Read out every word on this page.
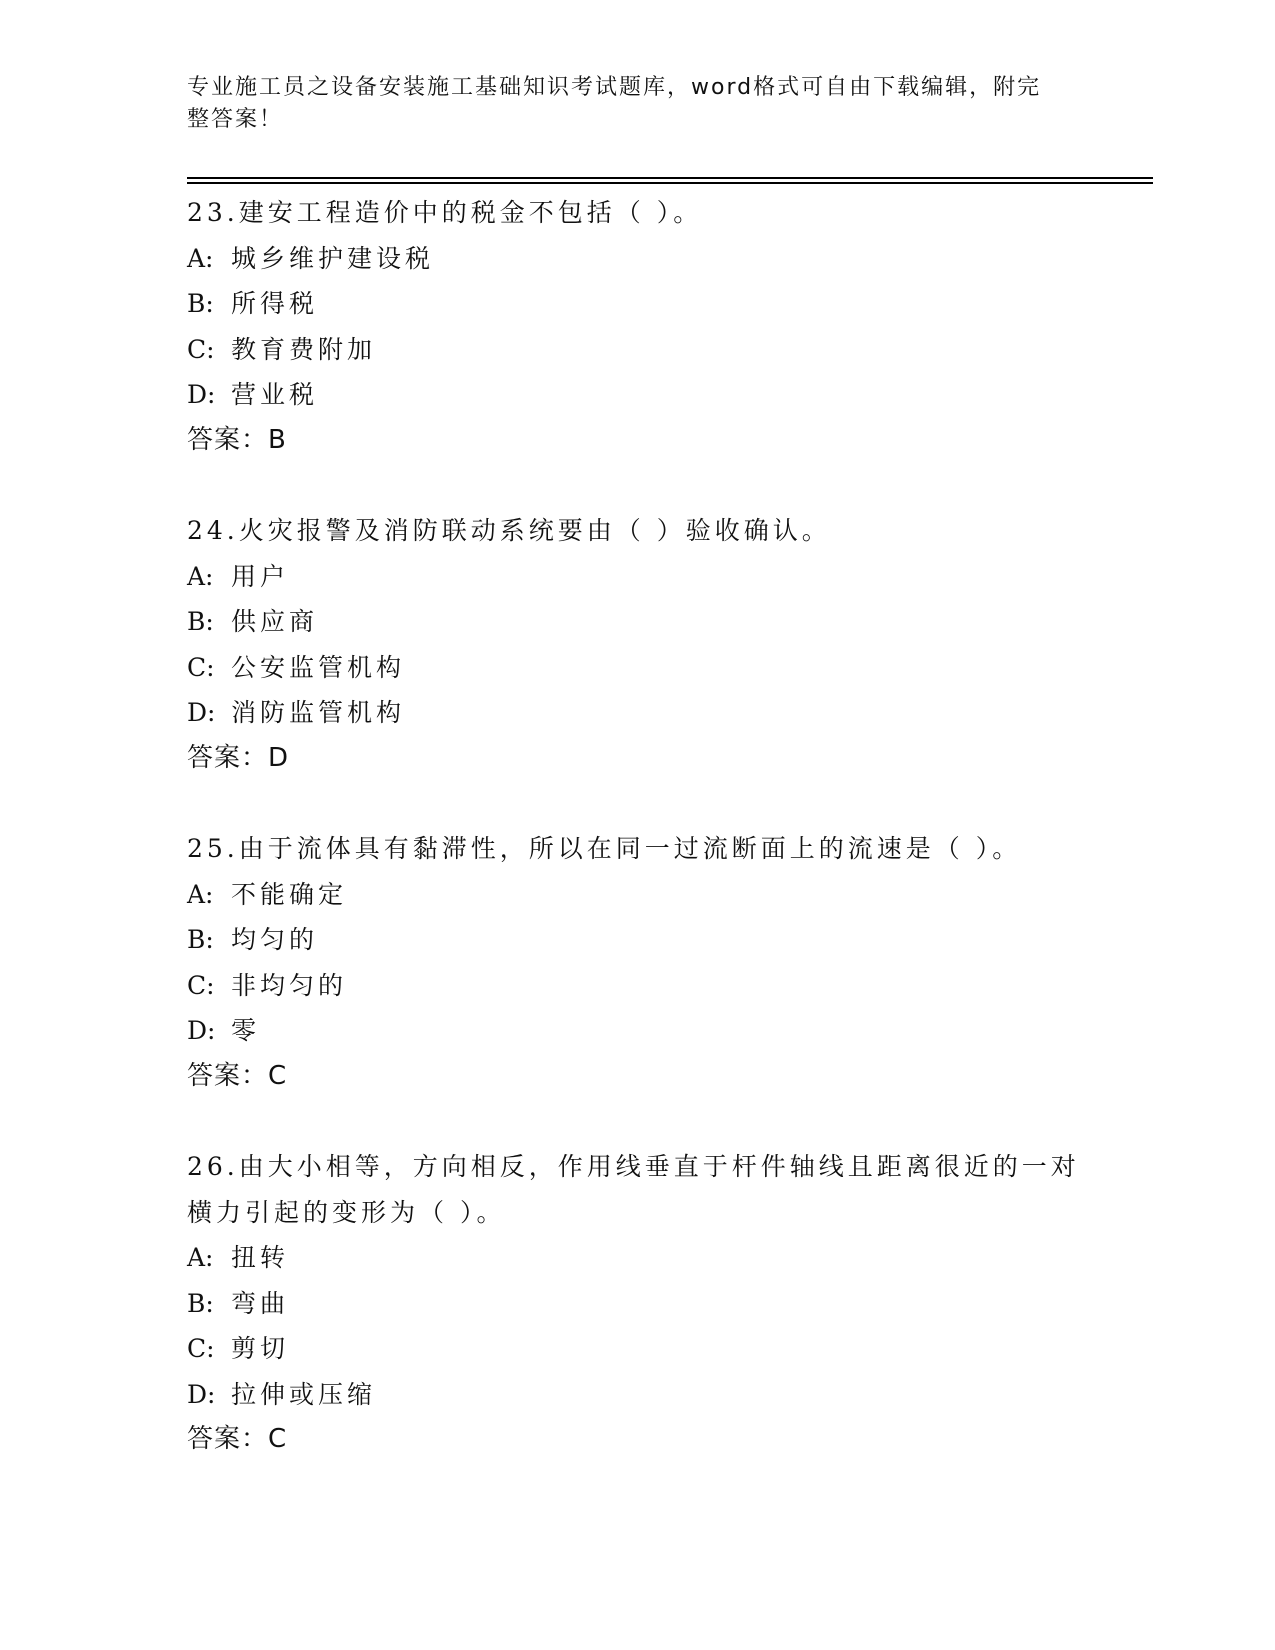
专业施工员之设备安装施工基础知识考试题库，word格式可自由下载编辑，附完
整答案！
23.建安工程造价中的税金不包括（ ）。
A: 城乡维护建设税
B: 所得税
C: 教育费附加
D: 营业税
答案：B
24.火灾报警及消防联动系统要由（ ）验收确认。
A: 用户
B: 供应商
C: 公安监管机构
D: 消防监管机构
答案：D
25.由于流体具有黏滞性，所以在同一过流断面上的流速是（ ）。
A: 不能确定
B: 均匀的
C: 非均匀的
D: 零
答案：C
26.由大小相等，方向相反，作用线垂直于杆件轴线且距离很近的一对横力引起的变形为（ ）。
A: 扭转
B: 弯曲
C: 剪切
D: 拉伸或压缩
答案：C
